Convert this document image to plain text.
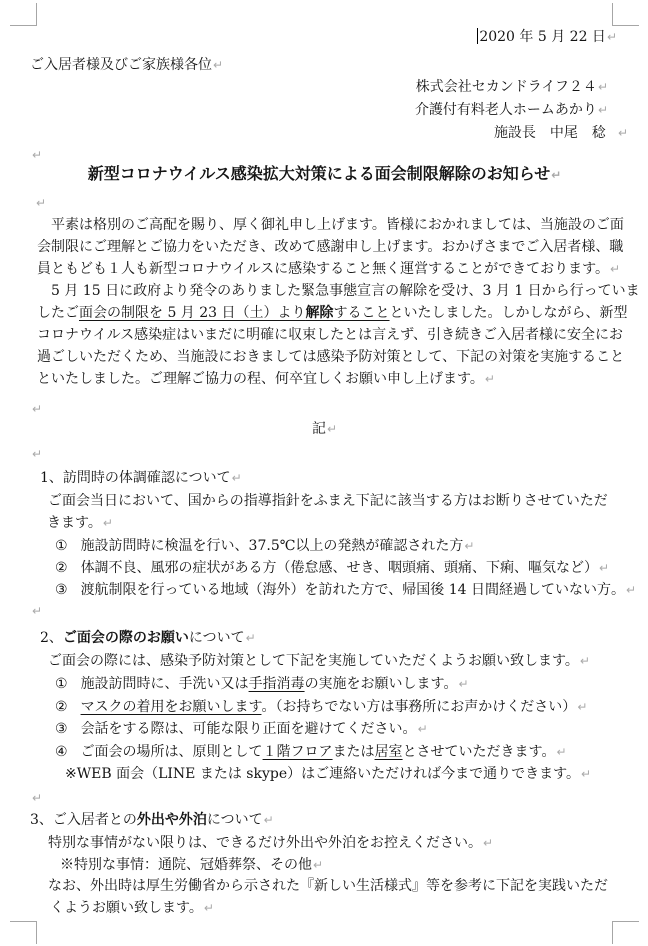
2020 年 5 月 22 日↵
ご入居者様及びご家族様各位↵
株式会社セカンドライフ２４↵
介護付有料老人ホームあかり↵
施設長　中尾　稔 ↵
↵
新型コロナウイルス感染拡大対策による面会制限解除のお知らせ↵
↵
平素は格別のご高配を賜り、厚く御礼申し上げます。皆様におかれましては、当施設のご面
会制限にご理解とご協力をいただき、改めて感謝申し上げます。おかげさまでご入居者様、職
員ともども１人も新型コロナウイルスに感染すること無く運営することができております。↵
5 月 15 日に政府より発令のありました緊急事態宣言の解除を受け、3 月 1 日から行っていま
したご面会の制限を 5 月 23 日（土）より解除することといたしました。しかしながら、新型
コロナウイルス感染症はいまだに明確に収束したとは言えず、引き続きご入居者様に安全にお
過ごしいただくため、当施設におきましては感染予防対策として、下記の対策を実施すること
といたしました。ご理解ご協力の程、何卒宜しくお願い申し上げます。↵
↵
記↵
↵
1、訪問時の体調確認について↵
ご面会当日において、国からの指導指針をふまえ下記に該当する方はお断りさせていただ
きます。↵
① 施設訪問時に検温を行い、37.5℃以上の発熱が確認された方↵
② 体調不良、風邪の症状がある方（倦怠感、せき、咽頭痛、頭痛、下痢、嘔気など）↵
③ 渡航制限を行っている地域（海外）を訪れた方で、帰国後 14 日間経過していない方。↵
↵
2、ご面会の際のお願いについて↵
ご面会の際には、感染予防対策として下記を実施していただくようお願い致します。↵
① 施設訪問時に、手洗い又は手指消毒の実施をお願いします。↵
② マスクの着用をお願いします。（お持ちでない方は事務所にお声かけください）↵
③ 会話をする際は、可能な限り正面を避けてください。↵
④ ご面会の場所は、原則として１階フロアまたは居室とさせていただきます。↵
※WEB 面会（LINE または skype）はご連絡いただければ今まで通りできます。↵
↵
3、ご入居者との外出や外泊について↵
特別な事情がない限りは、できるだけ外出や外泊をお控えください。↵
※特別な事情：通院、冠婚葬祭、その他↵
なお、外出時は厚生労働省から示された『新しい生活様式』等を参考に下記を実践いただ
くようお願い致します。↵
